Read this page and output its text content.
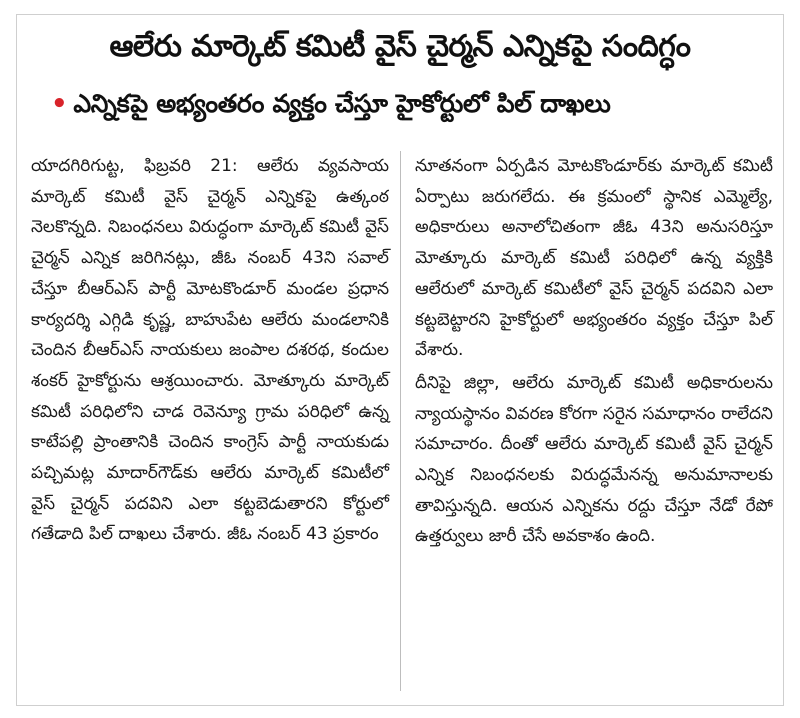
ఆలేరు మార్కెట్ కమిటీ వైస్ చైర్మన్ ఎన్నికపై సందిగ్ధం
• ఎన్నికపై అభ్యంతరం వ్యక్తం చేస్తూ హైకోర్టులో పిల్ దాఖలు

యాదగిరిగుట్ట, ఫిబ్రవరి 21: ఆలేరు వ్యవసాయ మార్కెట్ కమిటీ వైస్ చైర్మన్ ఎన్నికపై ఉత్కంఠ నెలకొన్నది. నిబంధనలు విరుద్ధంగా మార్కెట్ కమిటీ వైస్ చైర్మన్ ఎన్నిక జరిగినట్లు, జీఓ నంబర్ 43ని సవాల్ చేస్తూ బీఆర్ఎస్ పార్టీ మోటకొండూర్ మండల ప్రధాన కార్యదర్శి ఎగ్గిడి కృష్ణ, బాహుపేట ఆలేరు మండలానికి చెందిన బీఆర్ఎస్ నాయకులు జంపాల దశరథ, కందుల శంకర్ హైకోర్టును ఆశ్రయించారు. మోత్కూరు మార్కెట్ కమిటీ పరిధిలోని చాడ రెవెన్యూ గ్రామ పరిధిలో ఉన్న కాటేపల్లి ప్రాంతానికి చెందిన కాంగ్రెస్ పార్టీ నాయకుడు పచ్చిమట్ల మాదార్‌గౌడ్‌కు ఆలేరు మార్కెట్ కమిటీలో వైస్ చైర్మన్ పదవిని ఎలా కట్టబెడుతారని కోర్టులో గతేడాది పిల్ దాఖలు చేశారు. జీఓ నంబర్ 43 ప్రకారం

నూతనంగా ఏర్పడిన మోటకొండూర్‌కు మార్కెట్ కమిటీ ఏర్పాటు జరుగలేదు. ఈ క్రమంలో స్థానిక ఎమ్మెల్యే, అధికారులు అనాలోచితంగా జీఓ 43ని అనుసరిస్తూ మోత్కూరు మార్కెట్ కమిటీ పరిధిలో ఉన్న వ్యక్తికి ఆలేరులో మార్కెట్ కమిటీలో వైస్ చైర్మన్ పదవిని ఎలా కట్టబెట్టారని హైకోర్టులో అభ్యంతరం వ్యక్తం చేస్తూ పిల్ వేశారు.

దీనిపై జిల్లా, ఆలేరు మార్కెట్ కమిటీ అధికారులను న్యాయస్థానం వివరణ కోరగా సరైన సమాధానం రాలేదని సమాచారం. దీంతో ఆలేరు మార్కెట్ కమిటీ వైస్ చైర్మన్ ఎన్నిక నిబంధనలకు విరుద్ధమేనన్న అనుమానాలకు తావిస్తున్నది. ఆయన ఎన్నికను రద్దు చేస్తూ నేడో రేపో ఉత్తర్వులు జారీ చేసే అవకాశం ఉంది.
